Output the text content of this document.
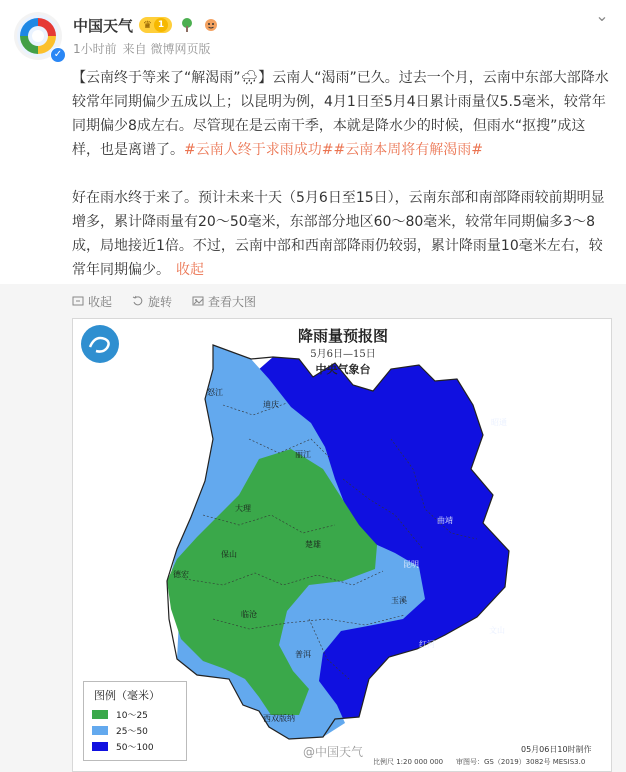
✓
中国天气	♛ 1
1小时前 来自 微博网页版
⌄

【云南终于等来了“解渴雨”🌧】云南人“渴雨”已久。过去一个月，云南中东部大部降水较常年同期偏少五成以上；以昆明为例，4月1日至5月4日累计雨量仅5.5毫米，较常年同期偏少8成左右。尽管现在是云南干季，本就是降水少的时候，但雨水“抠搜”成这样，也是离谱了。#云南人终于求雨成功##云南本周将有解渴雨#

好在雨水终于来了。预计未来十天（5月6日至15日），云南东部和南部降雨较前期明显增多，累计降雨量有20～50毫米，东部部分地区60～80毫米，较常年同期偏多3～8成，局地接近1倍。不过，云南中部和西南部降雨仍较弱，累计降雨量10毫米左右，较常年同期偏少。 收起

收起	旋转	查看大图
降雨量预报图
5月6日—15日
中央气象台
怒江
迪庆
丽江
昭通
大理
保山
楚雄
曲靖
德宏
昆明
玉溪
临沧
文山
普洱
红河
西双版纳
图例（毫米）
10～25
25～50
50～100	@中国天气	05月06日10时制作
比例尺 1:20 000 000 审图号：GS（2019）3082号 MESIS3.0
